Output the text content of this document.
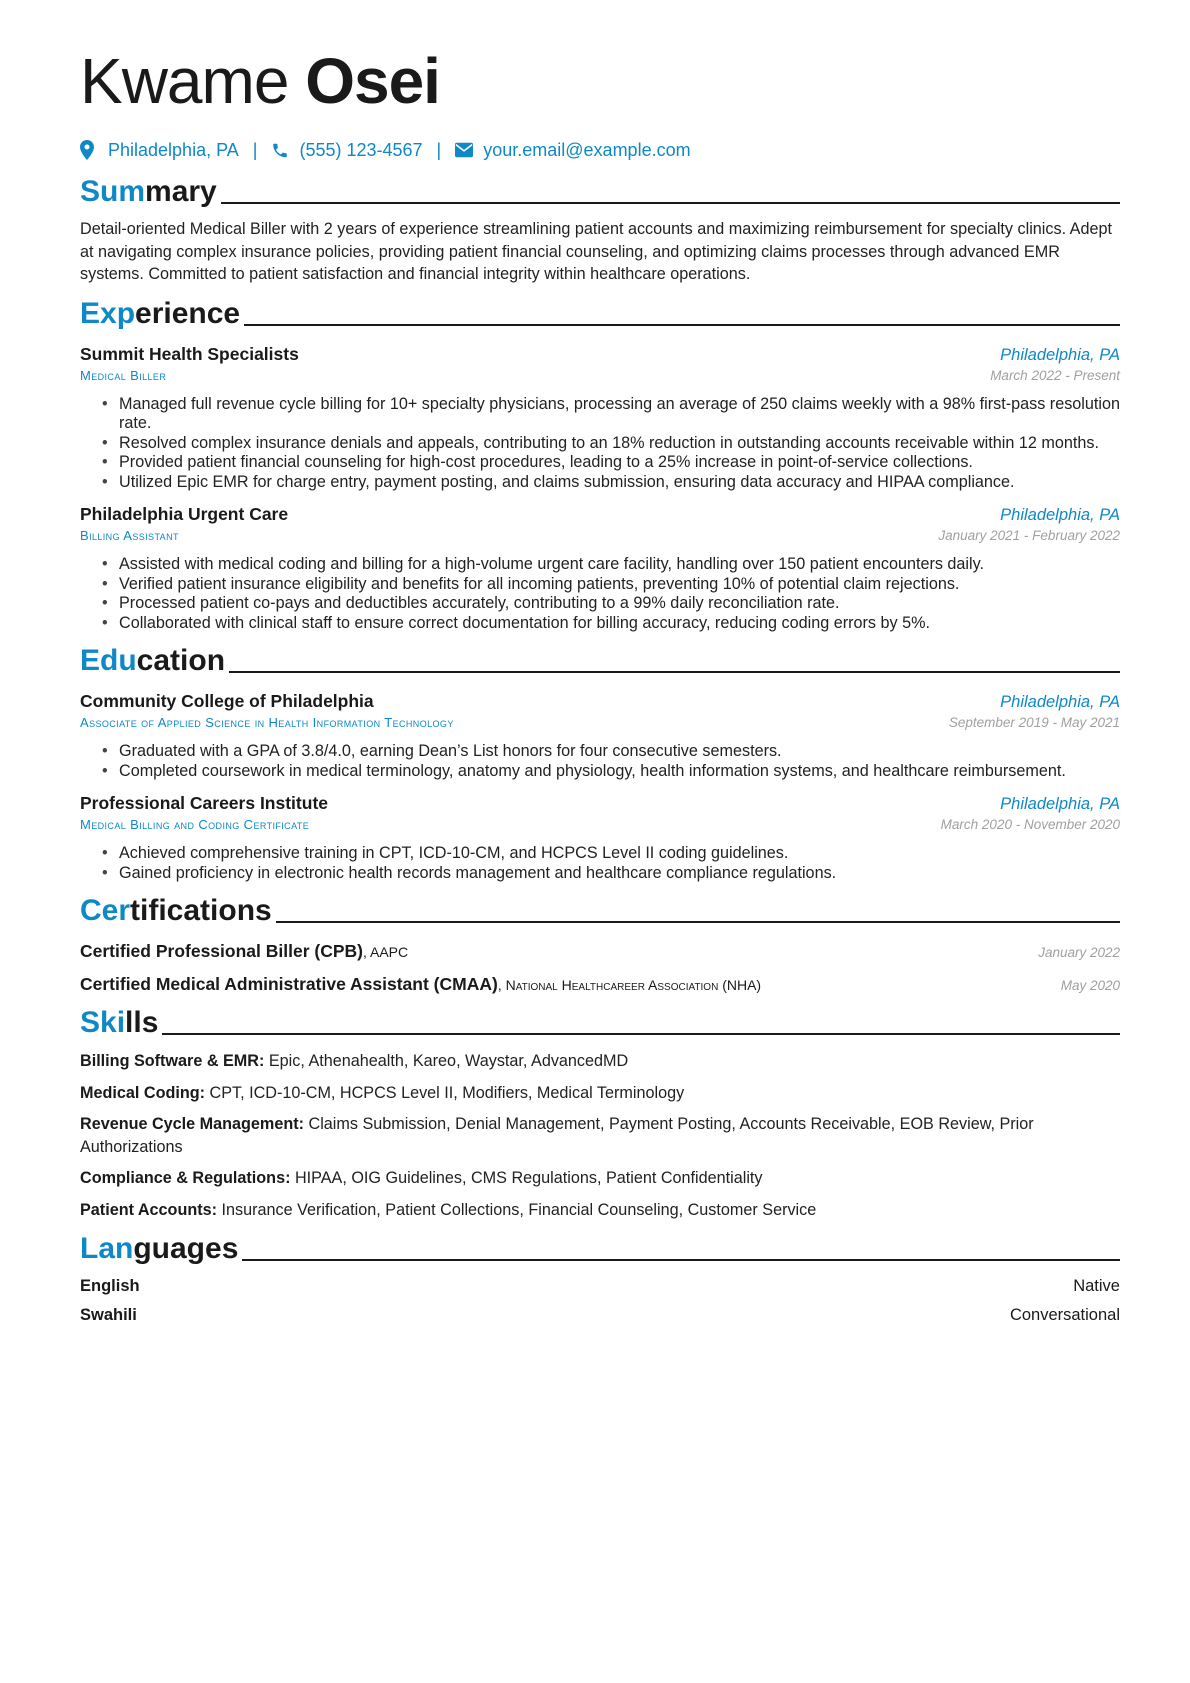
Kwame Osei
Philadelphia, PA | (555) 123-4567 | your.email@example.com
Summary

Detail-oriented Medical Biller with 2 years of experience streamlining patient accounts and maximizing reimbursement for specialty clinics. Adept at navigating complex insurance policies, providing patient financial counseling, and optimizing claims processes through advanced EMR systems. Committed to patient satisfaction and financial integrity within healthcare operations.

Experience
Summit Health Specialists	Philadelphia, PA
Medical Biller	March 2022 - Present
• Managed full revenue cycle billing for 10+ specialty physicians, processing an average of 250 claims weekly with a 98% first-pass resolution rate.
• Resolved complex insurance denials and appeals, contributing to an 18% reduction in outstanding accounts receivable within 12 months.
• Provided patient financial counseling for high-cost procedures, leading to a 25% increase in point-of-service collections.
• Utilized Epic EMR for charge entry, payment posting, and claims submission, ensuring data accuracy and HIPAA compliance.
Philadelphia Urgent Care	Philadelphia, PA
Billing Assistant	January 2021 - February 2022
• Assisted with medical coding and billing for a high-volume urgent care facility, handling over 150 patient encounters daily.
• Verified patient insurance eligibility and benefits for all incoming patients, preventing 10% of potential claim rejections.
• Processed patient co-pays and deductibles accurately, contributing to a 99% daily reconciliation rate.
• Collaborated with clinical staff to ensure correct documentation for billing accuracy, reducing coding errors by 5%.
Education
Community College of Philadelphia	Philadelphia, PA
Associate of Applied Science in Health Information Technology	September 2019 - May 2021
• Graduated with a GPA of 3.8/4.0, earning Dean’s List honors for four consecutive semesters.
• Completed coursework in medical terminology, anatomy and physiology, health information systems, and healthcare reimbursement.
Professional Careers Institute	Philadelphia, PA
Medical Billing and Coding Certificate	March 2020 - November 2020
• Achieved comprehensive training in CPT, ICD-10-CM, and HCPCS Level II coding guidelines.
• Gained proficiency in electronic health records management and healthcare compliance regulations.
Certifications
Certified Professional Biller (CPB), AAPC	January 2022
Certified Medical Administrative Assistant (CMAA), National Healthcareer Association (NHA)	May 2020
Skills

Billing Software & EMR: Epic, Athenahealth, Kareo, Waystar, AdvancedMD

Medical Coding: CPT, ICD-10-CM, HCPCS Level II, Modifiers, Medical Terminology

Revenue Cycle Management: Claims Submission, Denial Management, Payment Posting, Accounts Receivable, EOB Review, Prior Authorizations

Compliance & Regulations: HIPAA, OIG Guidelines, CMS Regulations, Patient Confidentiality

Patient Accounts: Insurance Verification, Patient Collections, Financial Counseling, Customer Service

Languages
English	Native
Swahili	Conversational
